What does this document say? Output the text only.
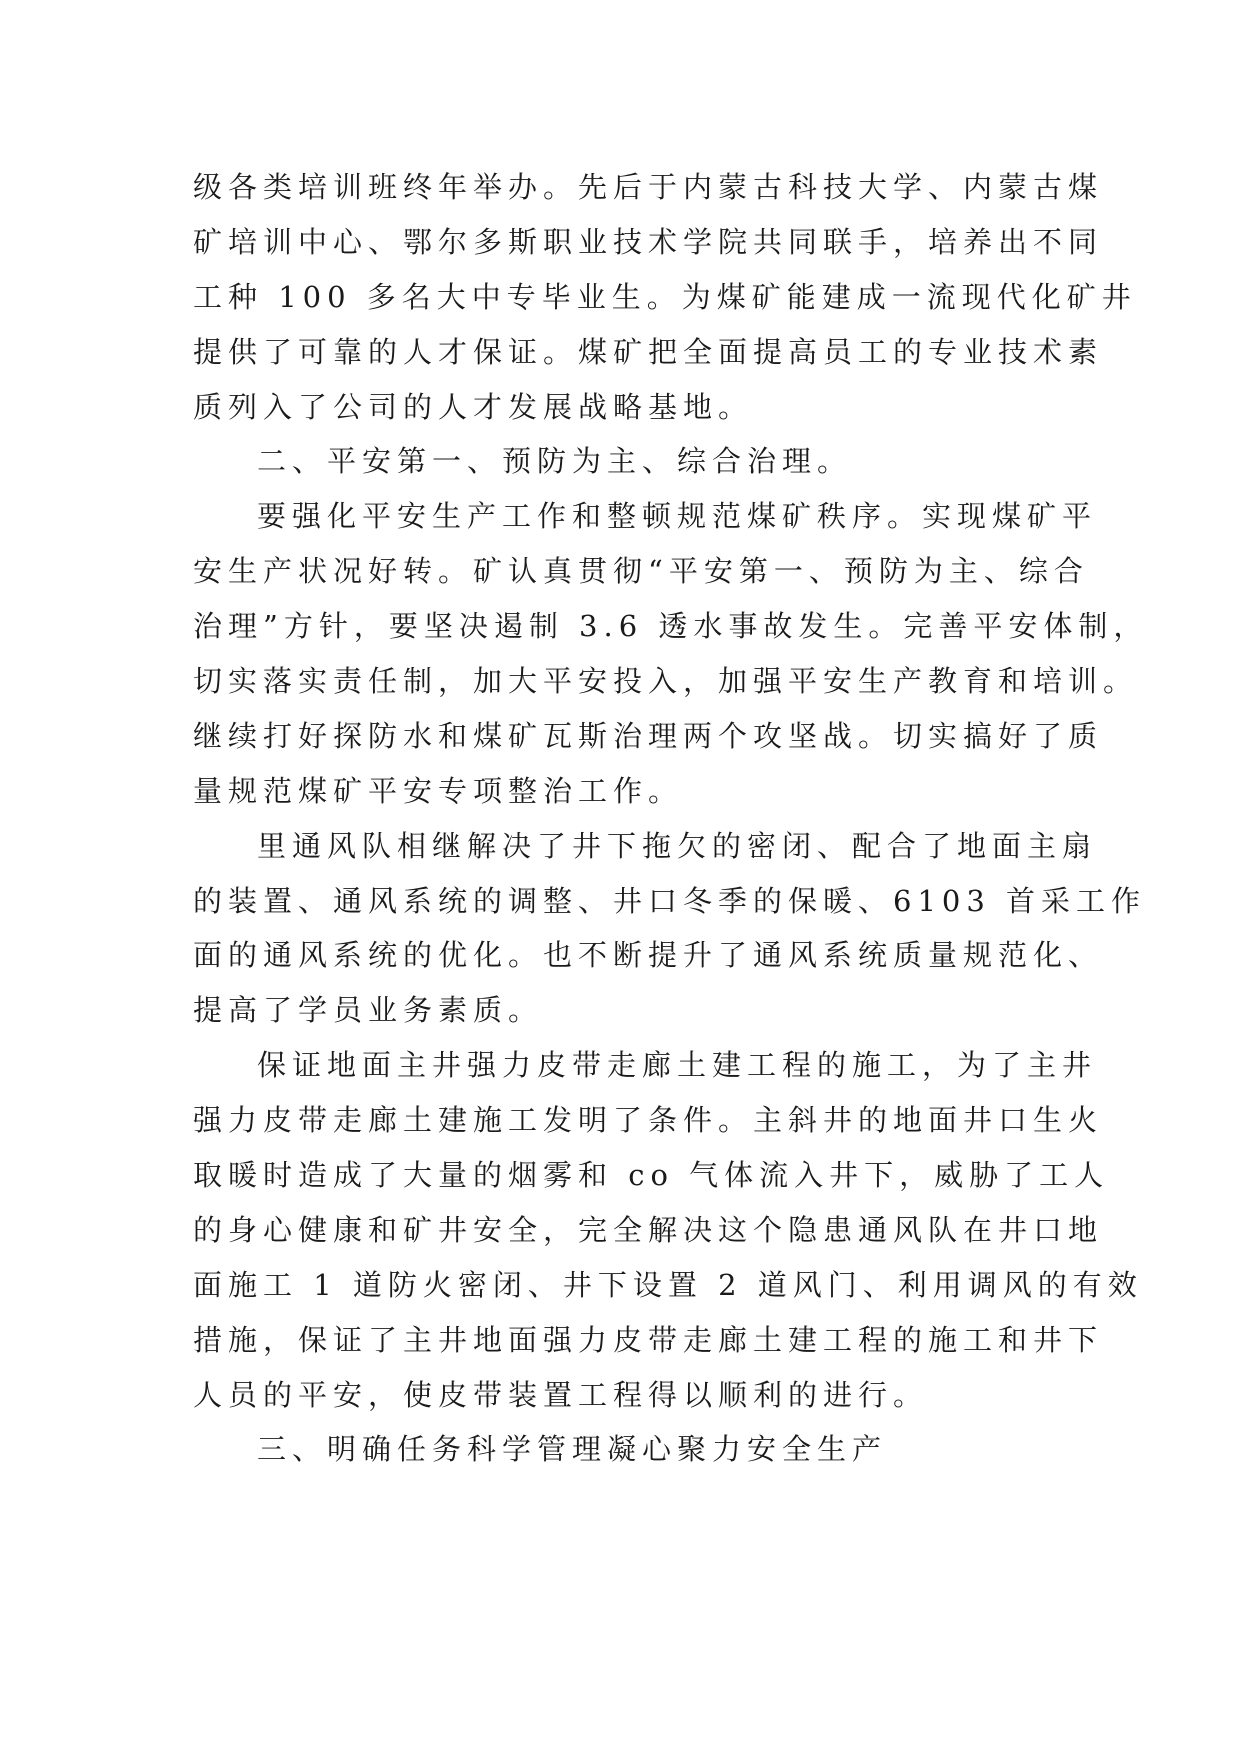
级各类培训班终年举办。先后于内蒙古科技大学、内蒙古煤
矿培训中心、鄂尔多斯职业技术学院共同联手，培养出不同
工种 100 多名大中专毕业生。为煤矿能建成一流现代化矿井
提供了可靠的人才保证。煤矿把全面提高员工的专业技术素
质列入了公司的人才发展战略基地。
二、平安第一、预防为主、综合治理。
要强化平安生产工作和整顿规范煤矿秩序。实现煤矿平
安生产状况好转。矿认真贯彻“平安第一、预防为主、综合
治理”方针，要坚决遏制 3.6 透水事故发生。完善平安体制，
切实落实责任制，加大平安投入，加强平安生产教育和培训。
继续打好探防水和煤矿瓦斯治理两个攻坚战。切实搞好了质
量规范煤矿平安专项整治工作。
里通风队相继解决了井下拖欠的密闭、配合了地面主扇
的装置、通风系统的调整、井口冬季的保暖、6103 首采工作
面的通风系统的优化。也不断提升了通风系统质量规范化、
提高了学员业务素质。
保证地面主井强力皮带走廊土建工程的施工，为了主井
强力皮带走廊土建施工发明了条件。主斜井的地面井口生火
取暖时造成了大量的烟雾和 co 气体流入井下，威胁了工人
的身心健康和矿井安全，完全解决这个隐患通风队在井口地
面施工 1 道防火密闭、井下设置 2 道风门、利用调风的有效
措施，保证了主井地面强力皮带走廊土建工程的施工和井下
人员的平安，使皮带装置工程得以顺利的进行。
三、明确任务科学管理凝心聚力安全生产
